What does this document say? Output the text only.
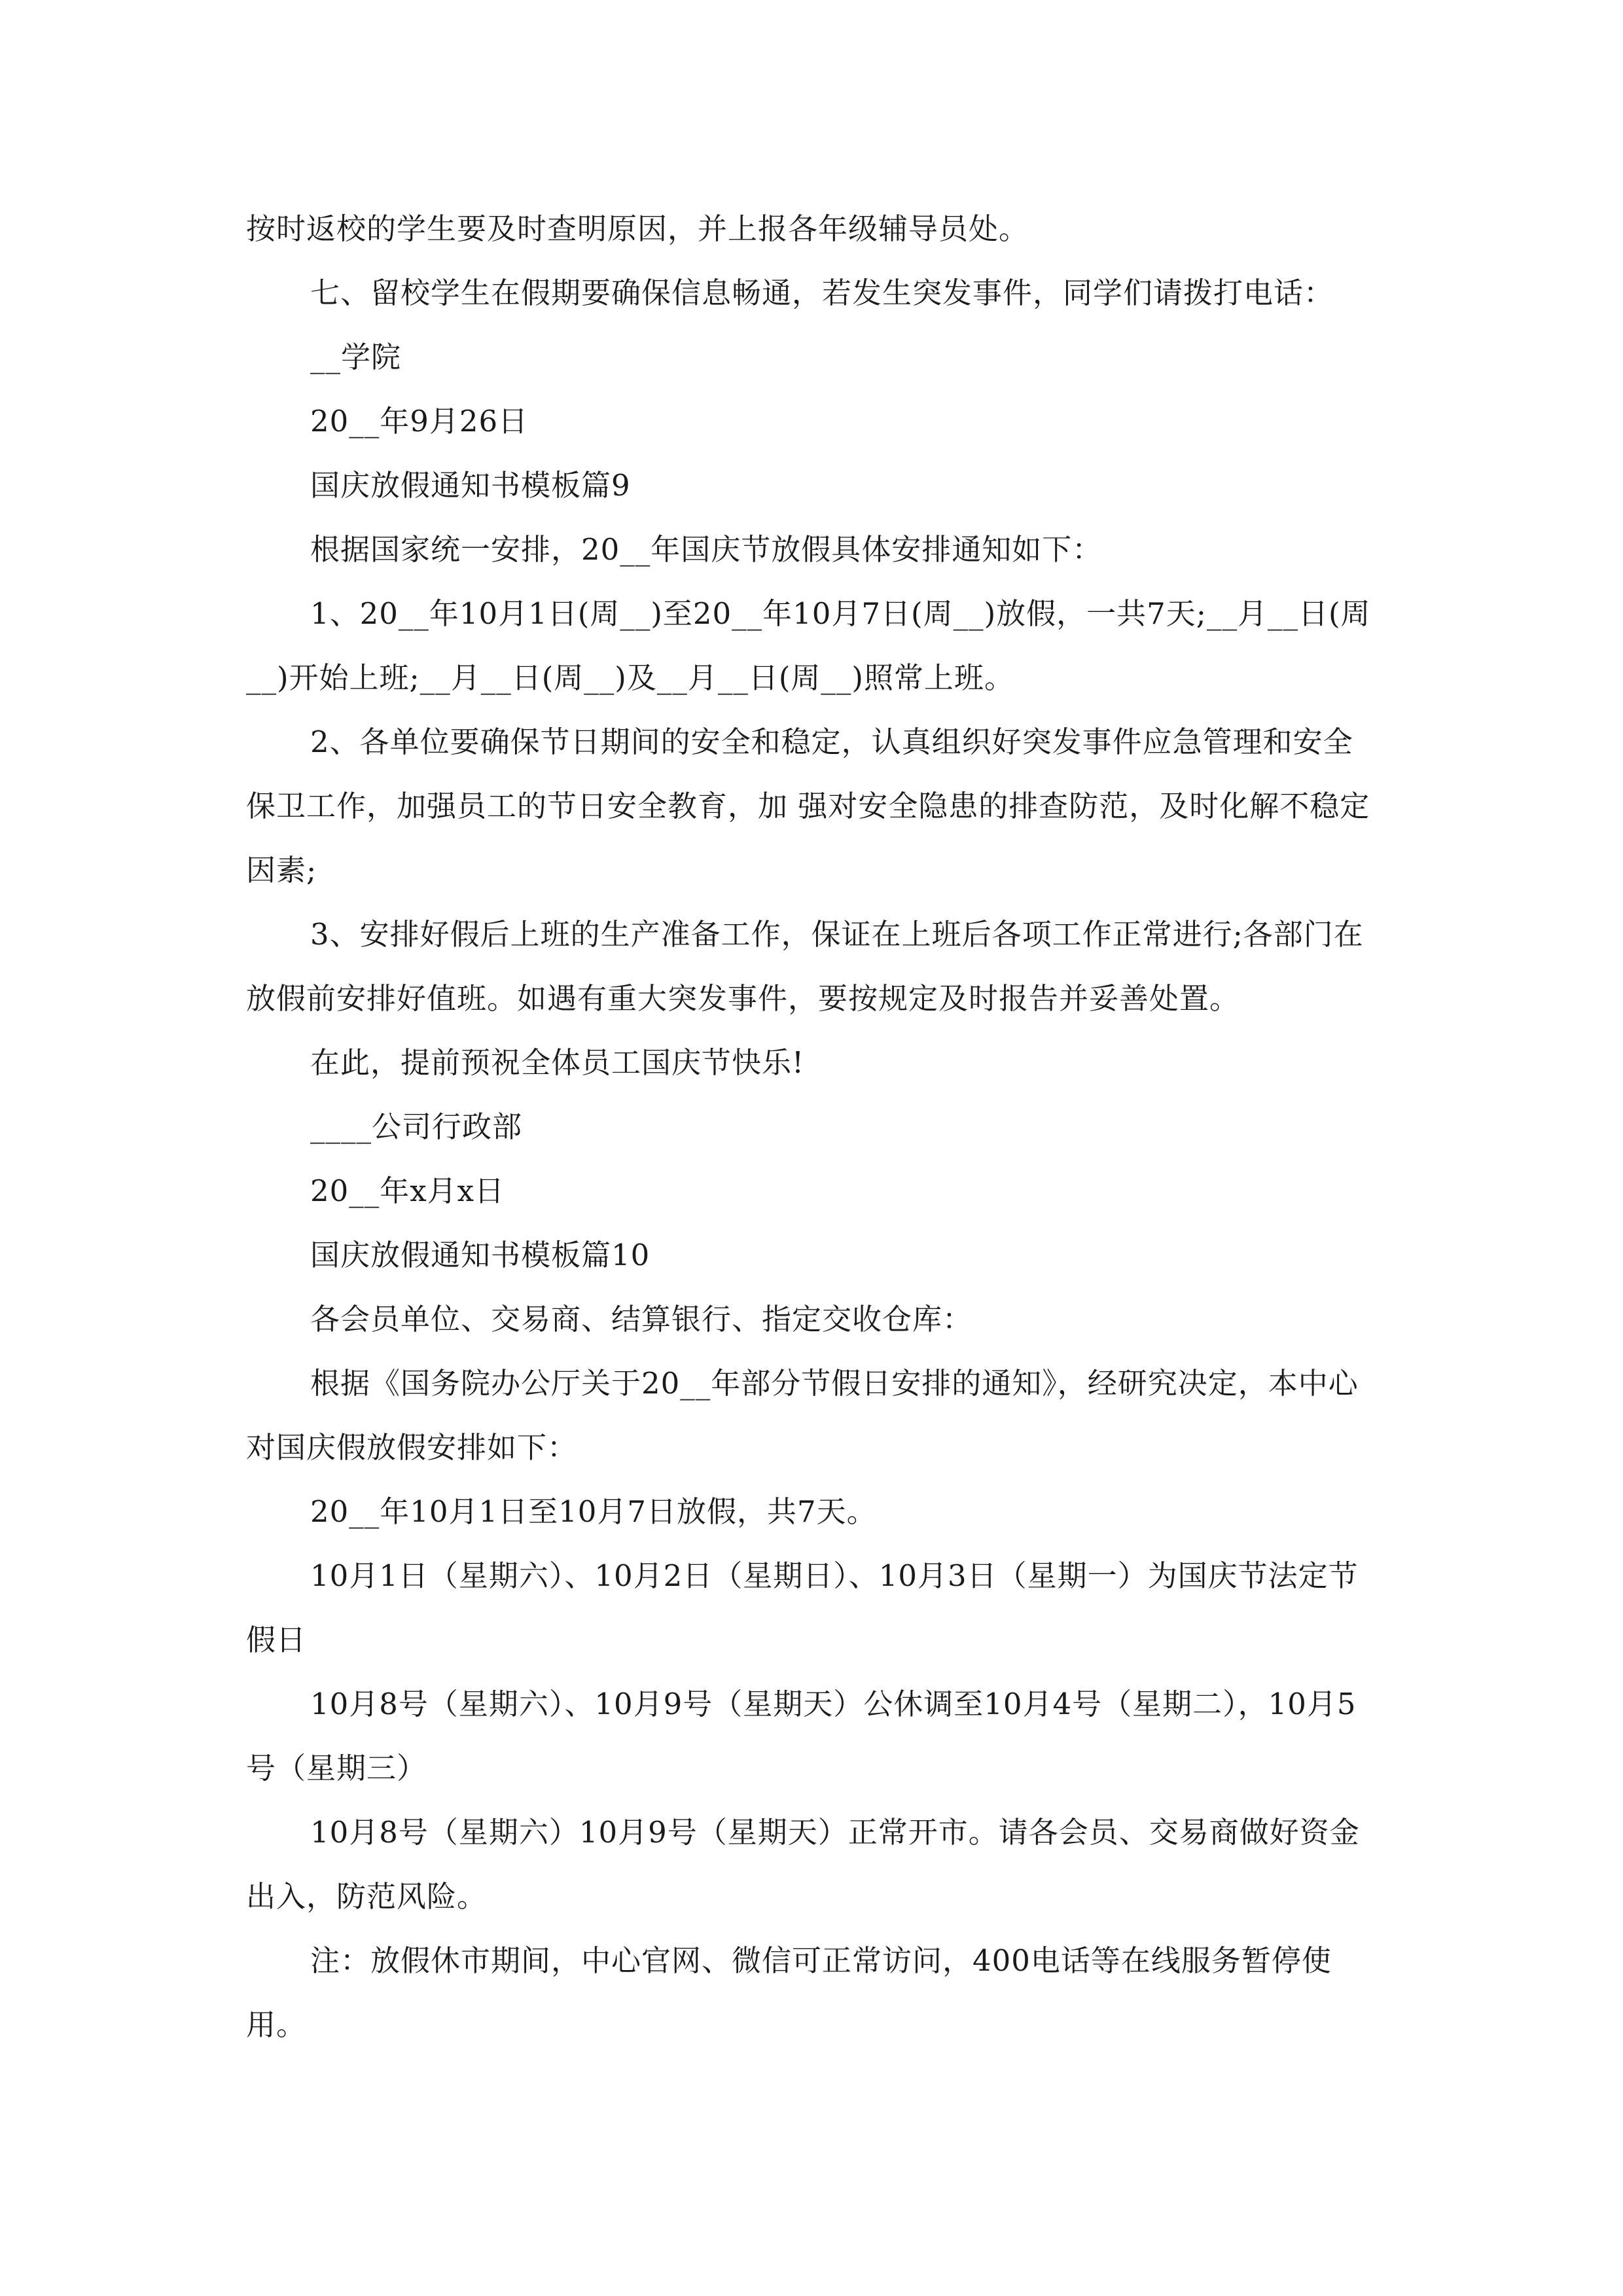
按时返校的学生要及时查明原因，并上报各年级辅导员处。

七、留校学生在假期要确保信息畅通，若发生突发事件，同学们请拨打电话：

__学院

20__年9月26日

国庆放假通知书模板篇9

根据国家统一安排，20__年国庆节放假具体安排通知如下：

1、20__年10月1日(周__)至20__年10月7日(周__)放假，一共7天;__月__日(周__)开始上班;__月__日(周__)及__月__日(周__)照常上班。

2、各单位要确保节日期间的安全和稳定，认真组织好突发事件应急管理和安全保卫工作，加强员工的节日安全教育，加 强对安全隐患的排查防范，及时化解不稳定因素;

3、安排好假后上班的生产准备工作，保证在上班后各项工作正常进行;各部门在放假前安排好值班。如遇有重大突发事件，要按规定及时报告并妥善处置。

在此，提前预祝全体员工国庆节快乐!

____公司行政部

20__年x月x日

国庆放假通知书模板篇10

各会员单位、交易商、结算银行、指定交收仓库：

根据《国务院办公厅关于20__年部分节假日安排的通知》，经研究决定，本中心对国庆假放假安排如下：

20__年10月1日至10月7日放假，共7天。

10月1日（星期六）、10月2日（星期日）、10月3日（星期一）为国庆节法定节假日

10月8号（星期六）、10月9号（星期天）公休调至10月4号（星期二），10月5号（星期三）

10月8号（星期六）10月9号（星期天）正常开市。请各会员、交易商做好资金出入，防范风险。

注：放假休市期间，中心官网、微信可正常访问，400电话等在线服务暂停使用。
